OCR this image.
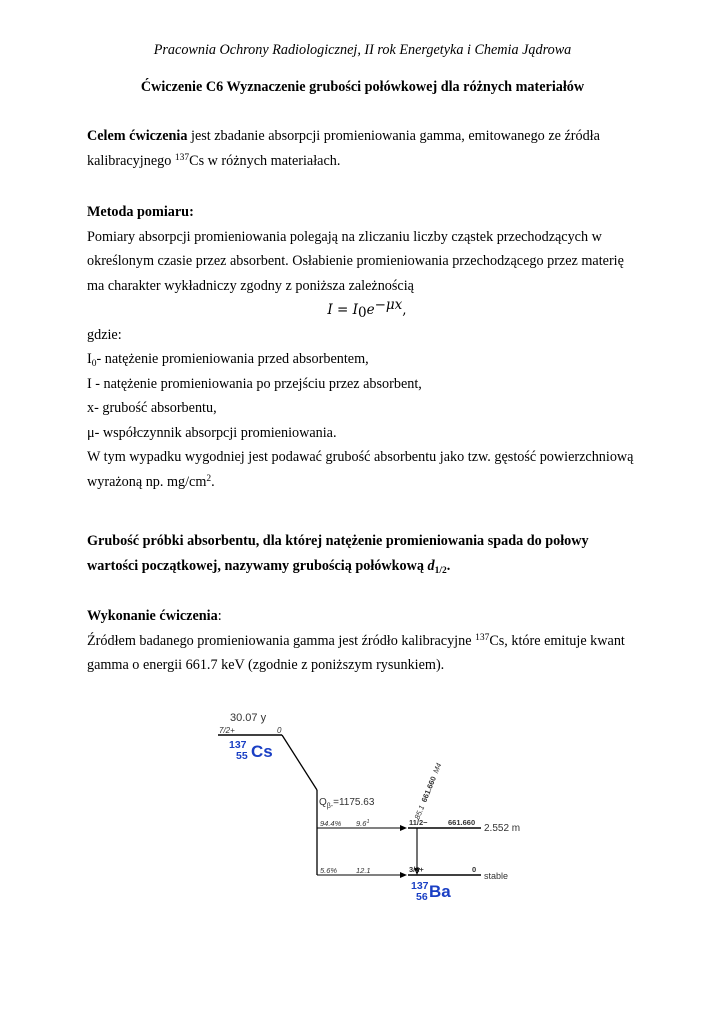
Pracownia Ochrony Radiologicznej, II rok Energetyka i Chemia Jądrowa
Ćwiczenie C6 Wyznaczenie grubości połówkowej dla różnych materiałów
Celem ćwiczenia jest zbadanie absorpcji promieniowania gamma, emitowanego ze źródła
kalibracyjnego $^{137}$Cs w różnych materiałach.
Metoda pomiaru:
Pomiary absorpcji promieniowania polegają na zliczaniu liczby cząstek przechodzących w
określonym czasie przez absorbent. Osłabienie promieniowania przechodzącego przez materię
ma charakter wykładniczy zgodny z poniższa zależnością
$I = I_0e^{-\mu x}$,
gdzie:
$I_0-$ natężenie promieniowania przed absorbentem,
I - natężenie promieniowania po przejściu przez absorbent,
x- grubość absorbentu,
μ- współczynnik absorpcji promieniowania.
W tym wypadku wygodniej jest podawać grubość absorbentu jako tzw. gęstość powierzchniową
wyrażoną np. $mg/cm^2$.
Grubość próbki absorbentu, dla której natężenie promieniowania spada do połowy
wartości początkowej, nazywamy grubością połówkową $d_{1/2}$.
Wykonanie ćwiczenia:
Źródłem badanego promieniowania gamma jest źródło kalibracyjne $^{137}$Cs, które emituje kwant
gamma o energii 661.7 keV (zgodnie z poniższym rysunkiem).
30.07 y
7/2+	0
137
55 Cs
$Q_{\beta-}=1175.63$
94.4% $9.6^1$	11/2−	661.660
2.552 m
85.1661.660M4
5.6%	12.1	3/2+	0
stable
137
56 Ba
